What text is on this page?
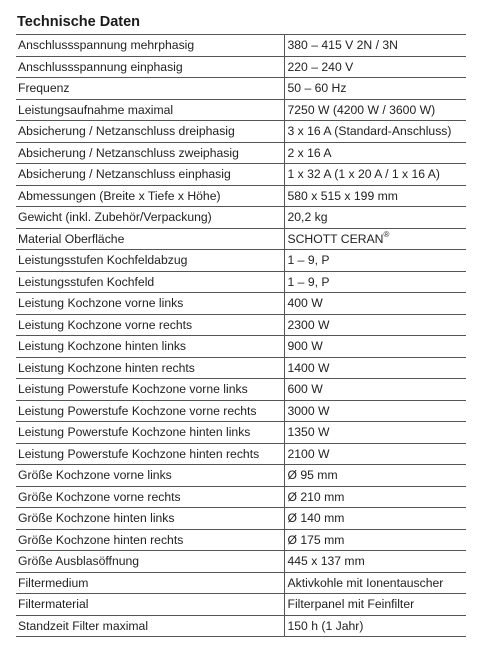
Technische Daten
Anschlussspannung mehrphasig	380 – 415 V 2N / 3N
Anschlussspannung einphasig	220 – 240 V
Frequenz	50 – 60 Hz
Leistungsaufnahme maximal	7250 W (4200 W / 3600 W)
Absicherung / Netzanschluss dreiphasig	3 x 16 A (Standard-Anschluss)
Absicherung / Netzanschluss zweiphasig	2 x 16 A
Absicherung / Netzanschluss einphasig	1 x 32 A (1 x 20 A / 1 x 16 A)
Abmessungen (Breite x Tiefe x Höhe)	580 x 515 x 199 mm
Gewicht (inkl. Zubehör/Verpackung)	20,2 kg
Material Oberfläche	SCHOTT CERAN®
Leistungsstufen Kochfeldabzug	1 – 9, P
Leistungsstufen Kochfeld	1 – 9, P
Leistung Kochzone vorne links	400 W
Leistung Kochzone vorne rechts	2300 W
Leistung Kochzone hinten links	900 W
Leistung Kochzone hinten rechts	1400 W
Leistung Powerstufe Kochzone vorne links	600 W
Leistung Powerstufe Kochzone vorne rechts	3000 W
Leistung Powerstufe Kochzone hinten links	1350 W
Leistung Powerstufe Kochzone hinten rechts	2100 W
Größe Kochzone vorne links	Ø 95 mm
Größe Kochzone vorne rechts	Ø 210 mm
Größe Kochzone hinten links	Ø 140 mm
Größe Kochzone hinten rechts	Ø 175 mm
Größe Ausblasöffnung	445 x 137 mm
Filtermedium	Aktivkohle mit Ionentauscher
Filtermaterial	Filterpanel mit Feinfilter
Standzeit Filter maximal	150 h (1 Jahr)
